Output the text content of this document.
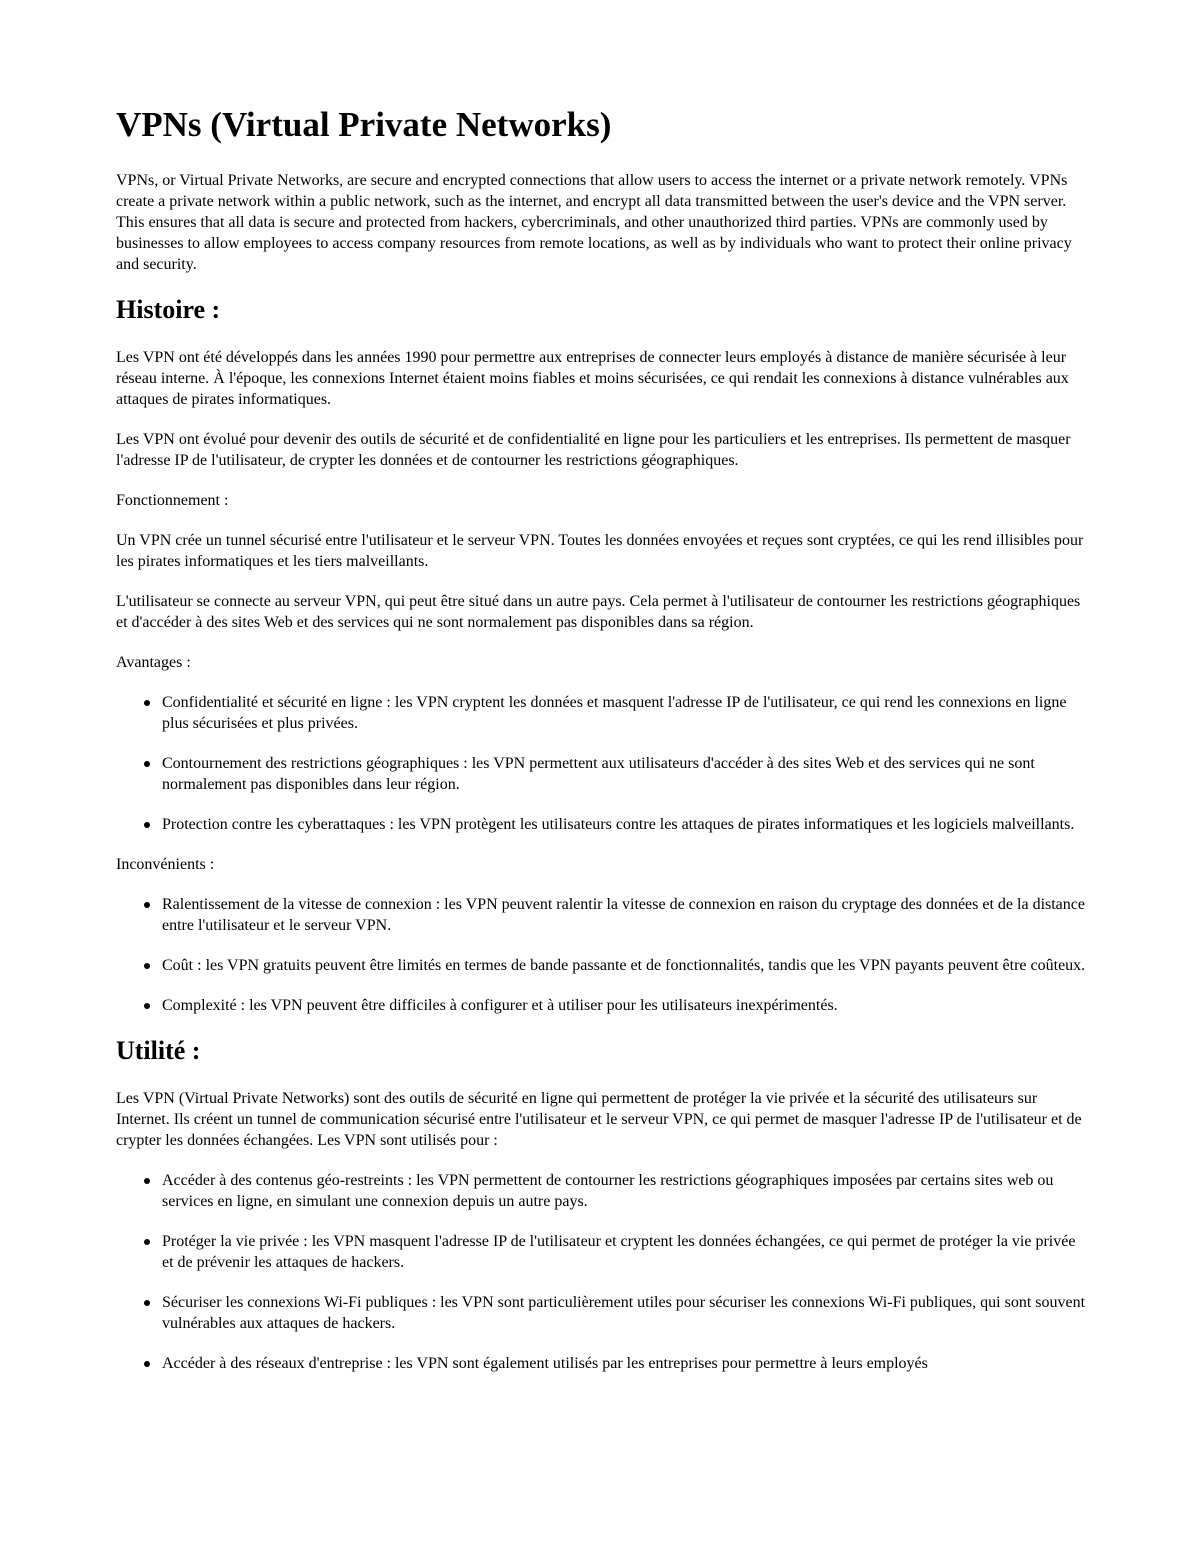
VPNs (Virtual Private Networks)

VPNs, or Virtual Private Networks, are secure and encrypted connections that allow users to access the internet or a private network remotely. VPNs create a private network within a public network, such as the internet, and encrypt all data transmitted between the user's device and the VPN server. This ensures that all data is secure and protected from hackers, cybercriminals, and other unauthorized third parties. VPNs are commonly used by businesses to allow employees to access company resources from remote locations, as well as by individuals who want to protect their online privacy and security.

Histoire :

Les VPN ont été développés dans les années 1990 pour permettre aux entreprises de connecter leurs employés à distance de manière sécurisée à leur réseau interne. À l'époque, les connexions Internet étaient moins fiables et moins sécurisées, ce qui rendait les connexions à distance vulnérables aux attaques de pirates informatiques.

Les VPN ont évolué pour devenir des outils de sécurité et de confidentialité en ligne pour les particuliers et les entreprises. Ils permettent de masquer l'adresse IP de l'utilisateur, de crypter les données et de contourner les restrictions géographiques.

Fonctionnement :

Un VPN crée un tunnel sécurisé entre l'utilisateur et le serveur VPN. Toutes les données envoyées et reçues sont cryptées, ce qui les rend illisibles pour les pirates informatiques et les tiers malveillants.

L'utilisateur se connecte au serveur VPN, qui peut être situé dans un autre pays. Cela permet à l'utilisateur de contourner les restrictions géographiques et d'accéder à des sites Web et des services qui ne sont normalement pas disponibles dans sa région.

Avantages :

Confidentialité et sécurité en ligne : les VPN cryptent les données et masquent l'adresse IP de l'utilisateur, ce qui rend les connexions en ligne plus sécurisées et plus privées.
Contournement des restrictions géographiques : les VPN permettent aux utilisateurs d'accéder à des sites Web et des services qui ne sont normalement pas disponibles dans leur région.
Protection contre les cyberattaques : les VPN protègent les utilisateurs contre les attaques de pirates informatiques et les logiciels malveillants.

Inconvénients :

Ralentissement de la vitesse de connexion : les VPN peuvent ralentir la vitesse de connexion en raison du cryptage des données et de la distance entre l'utilisateur et le serveur VPN.
Coût : les VPN gratuits peuvent être limités en termes de bande passante et de fonctionnalités, tandis que les VPN payants peuvent être coûteux.
Complexité : les VPN peuvent être difficiles à configurer et à utiliser pour les utilisateurs inexpérimentés.
Utilité :

Les VPN (Virtual Private Networks) sont des outils de sécurité en ligne qui permettent de protéger la vie privée et la sécurité des utilisateurs sur Internet. Ils créent un tunnel de communication sécurisé entre l'utilisateur et le serveur VPN, ce qui permet de masquer l'adresse IP de l'utilisateur et de crypter les données échangées. Les VPN sont utilisés pour :

Accéder à des contenus géo-restreints : les VPN permettent de contourner les restrictions géographiques imposées par certains sites web ou services en ligne, en simulant une connexion depuis un autre pays.
Protéger la vie privée : les VPN masquent l'adresse IP de l'utilisateur et cryptent les données échangées, ce qui permet de protéger la vie privée et de prévenir les attaques de hackers.
Sécuriser les connexions Wi-Fi publiques : les VPN sont particulièrement utiles pour sécuriser les connexions Wi-Fi publiques, qui sont souvent vulnérables aux attaques de hackers.
Accéder à des réseaux d'entreprise : les VPN sont également utilisés par les entreprises pour permettre à leurs employés
